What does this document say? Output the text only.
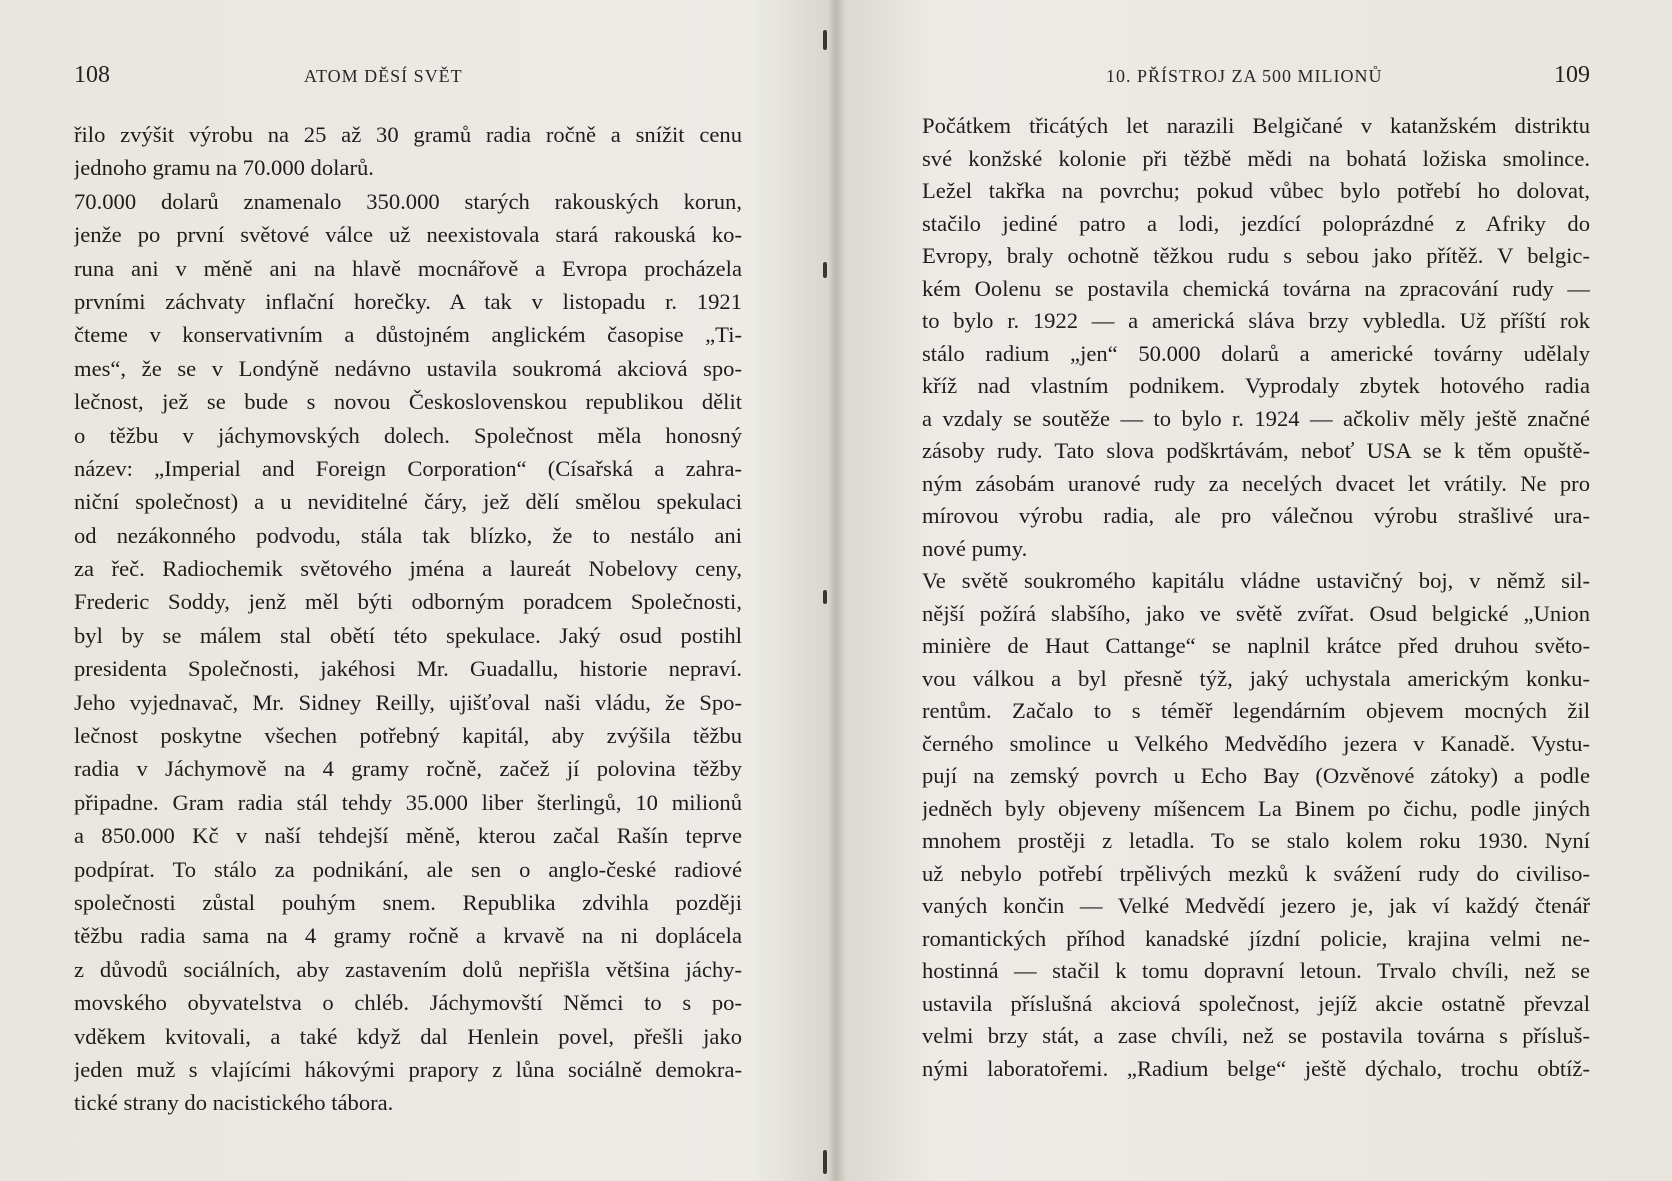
108	ATOM DĚSÍ SVĚT
řilo zvýšit výrobu na 25 až 30 gramů radia ročně a snížit cenu
jednoho gramu na 70.000 dolarů.
70.000 dolarů znamenalo 350.000 starých rakouských korun,
jenže po první světové válce už neexistovala stará rakouská ko-
runa ani v měně ani na hlavě mocnářově a Evropa procházela
prvními záchvaty inflační horečky. A tak v listopadu r. 1921
čteme v konservativním a důstojném anglickém časopise „Ti-
mes“, že se v Londýně nedávno ustavila soukromá akciová spo-
lečnost, jež se bude s novou Československou republikou dělit
o těžbu v jáchymovských dolech. Společnost měla honosný
název: „Imperial and Foreign Corporation“ (Císařská a zahra-
niční společnost) a u neviditelné čáry, jež dělí smělou spekulaci
od nezákonného podvodu, stála tak blízko, že to nestálo ani
za řeč. Radiochemik světového jména a laureát Nobelovy ceny,
Frederic Soddy, jenž měl býti odborným poradcem Společnosti,
byl by se málem stal obětí této spekulace. Jaký osud postihl
presidenta Společnosti, jakéhosi Mr. Guadallu, historie nepraví.
Jeho vyjednavač, Mr. Sidney Reilly, ujišťoval naši vládu, že Spo-
lečnost poskytne všechen potřebný kapitál, aby zvýšila těžbu
radia v Jáchymově na 4 gramy ročně, začež jí polovina těžby
připadne. Gram radia stál tehdy 35.000 liber šterlingů, 10 milionů
a 850.000 Kč v naší tehdejší měně, kterou začal Rašín teprve
podpírat. To stálo za podnikání, ale sen o anglo-české radiové
společnosti zůstal pouhým snem. Republika zdvihla později
těžbu radia sama na 4 gramy ročně a krvavě na ni doplácela
z důvodů sociálních, aby zastavením dolů nepřišla většina jáchy-
movského obyvatelstva o chléb. Jáchymovští Němci to s po-
vděkem kvitovali, a také když dal Henlein povel, přešli jako
jeden muž s vlajícími hákovými prapory z lůna sociálně demokra-
tické strany do nacistického tábora.
10. PŘÍSTROJ ZA 500 MILIONŮ	109
Počátkem třicátých let narazili Belgičané v katanžském distriktu
své konžské kolonie při těžbě mědi na bohatá ložiska smolince.
Ležel takřka na povrchu; pokud vůbec bylo potřebí ho dolovat,
stačilo jediné patro a lodi, jezdící poloprázdné z Afriky do
Evropy, braly ochotně těžkou rudu s sebou jako přítěž. V belgic-
kém Oolenu se postavila chemická továrna na zpracování rudy —
to bylo r. 1922 — a americká sláva brzy vybledla. Už příští rok
stálo radium „jen“ 50.000 dolarů a americké továrny udělaly
kříž nad vlastním podnikem. Vyprodaly zbytek hotového radia
a vzdaly se soutěže — to bylo r. 1924 — ačkoliv měly ještě značné
zásoby rudy. Tato slova podškrtávám, neboť USA se k těm opuště-
ným zásobám uranové rudy za necelých dvacet let vrátily. Ne pro
mírovou výrobu radia, ale pro válečnou výrobu strašlivé ura-
nové pumy.
Ve světě soukromého kapitálu vládne ustavičný boj, v němž sil-
nější požírá slabšího, jako ve světě zvířat. Osud belgické „Union
minière de Haut Cattange“ se naplnil krátce před druhou světo-
vou válkou a byl přesně týž, jaký uchystala americkým konku-
rentům. Začalo to s téměř legendárním objevem mocných žil
černého smolince u Velkého Medvědího jezera v Kanadě. Vystu-
pují na zemský povrch u Echo Bay (Ozvěnové zátoky) a podle
jedněch byly objeveny míšencem La Binem po čichu, podle jiných
mnohem prostěji z letadla. To se stalo kolem roku 1930. Nyní
už nebylo potřebí trpělivých mezků k svážení rudy do civiliso-
vaných končin — Velké Medvědí jezero je, jak ví každý čtenář
romantických příhod kanadské jízdní policie, krajina velmi ne-
hostinná — stačil k tomu dopravní letoun. Trvalo chvíli, než se
ustavila příslušná akciová společnost, jejíž akcie ostatně převzal
velmi brzy stát, a zase chvíli, než se postavila továrna s přísluš-
nými laboratořemi. „Radium belge“ ještě dýchalo, trochu obtíž-
